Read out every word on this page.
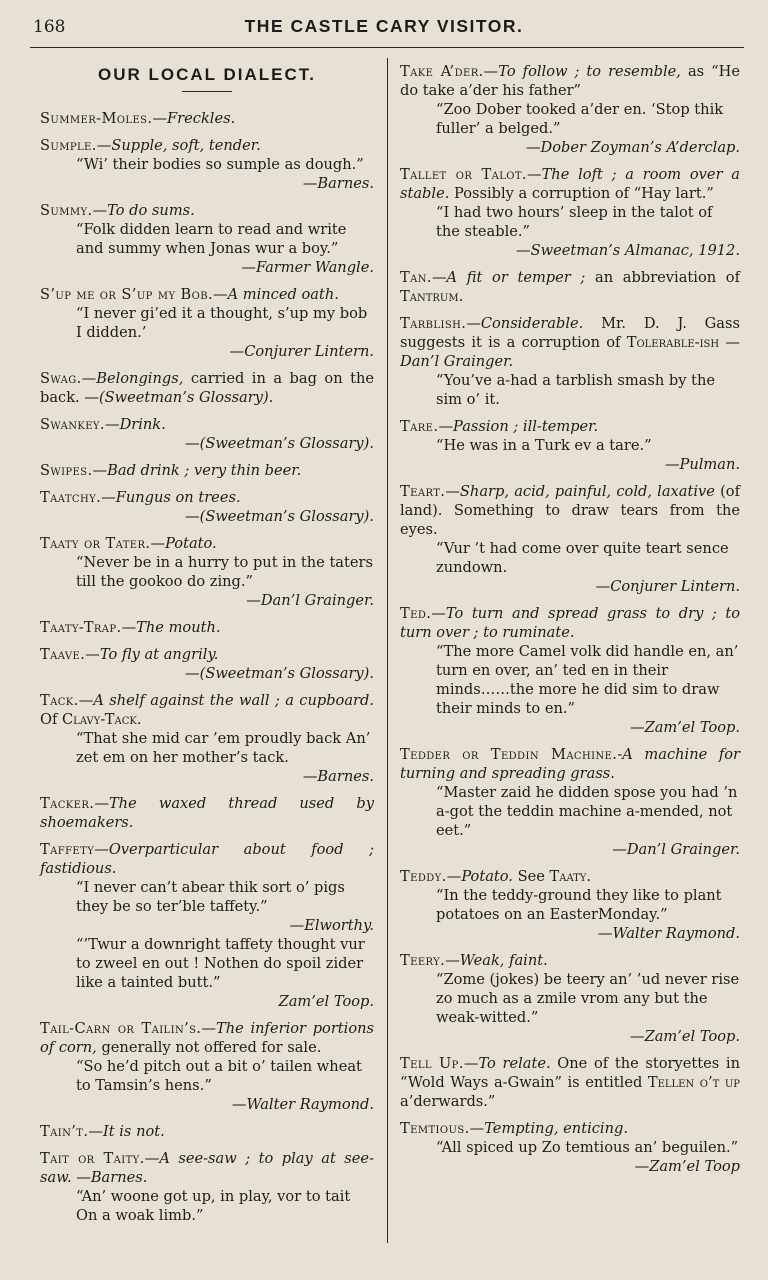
168	THE CASTLE CARY VISITOR.
OUR LOCAL DIALECT.
Summer-Moles.—Freckles.
Sumple.—Supple, soft, tender.
“Wi’ their bodies so sumple as dough.”
—Barnes.
Summy.—To do sums.
“Folk didden learn to read and write and summy when Jonas wur a boy.”
—Farmer Wangle.
S’up me or S’up my Bob.—A minced oath.
“I never gi’ed it a thought, s’up my bob I didden.’
—Conjurer Lintern.
Swag.—Belongings, carried in a bag on the back. —(Sweetman’s Glossary).
Swankey.—Drink.
—(Sweetman’s Glossary).
Swipes.—Bad drink ; very thin beer.
Taatchy.—Fungus on trees.
—(Sweetman’s Glossary).
Taaty or Tater.—Potato.
“Never be in a hurry to put in the taters till the gookoo do zing.”
—Dan’l Grainger.
Taaty-Trap.—The mouth.
Taave.—To fly at angrily.
—(Sweetman’s Glossary).
Tack.—A shelf against the wall ; a cupboard. Of Clavy-Tack.
“That she mid car ’em proudly back An’ zet em on her mother’s tack.
—Barnes.
Tacker.—The waxed thread used by shoemakers.
Taffety—Overparticular about food ; fastidious.
“I never can’t abear thik sort o’ pigs they be so ter’ble taffety.”
—Elworthy.
“’Twur a downright taffety thought vur to zweel en out ! Nothen do spoil zider like a tainted butt.”
Zam’el Toop.
Tail-Carn or Tailin’s.—The inferior portions of corn, generally not offered for sale.
“So he’d pitch out a bit o’ tailen wheat to Tamsin’s hens.”
—Walter Raymond.
Tain’t.—It is not.
Tait or Taity.—A see-saw ; to play at see-saw. —Barnes.
“An’ woone got up, in play, vor to tait On a woak limb.”
Take A’der.—To follow ; to resemble, as “He do take a’der his father”
“Zoo Dober tooked a’der en. ‘Stop thik fuller’ a belged.”
—Dober Zoyman’s A’derclap.
Tallet or Talot.—The loft ; a room over a stable. Possibly a corruption of “Hay lart.”
“I had two hours’ sleep in the talot of the steable.”
—Sweetman’s Almanac, 1912.
Tan.—A fit or temper ; an abbreviation of Tantrum.
Tarblish.—Considerable. Mr. D. J. Gass suggests it is a corruption of Tolerable-ish —Dan’l Grainger.
“You’ve a-had a tarblish smash by the sim o’ it.
Tare.—Passion ; ill-temper.
“He was in a Turk ev a tare.”
—Pulman.
Teart.—Sharp, acid, painful, cold, laxative (of land). Something to draw tears from the eyes.
“Vur ’t had come over quite teart sence zundown.
—Conjurer Lintern.
Ted.—To turn and spread grass to dry ; to turn over ; to ruminate.
“The more Camel volk did handle en, an’ turn en over, an’ ted en in their minds……the more he did sim to draw their minds to en.”
—Zam’el Toop.
Tedder or Teddin Machine.-A machine for turning and spreading grass.
“Master zaid he didden spose you had ’n a-got the teddin machine a-mended, not eet.”
—Dan’l Grainger.
Teddy.—Potato. See Taaty.
“In the teddy-ground they like to plant potatoes on an EasterMonday.”
—Walter Raymond.
Teery.—Weak, faint.
“Zome (jokes) be teery an’ ’ud never rise zo much as a zmile vrom any but the weak-witted.”
—Zam’el Toop.
Tell Up.—To relate. One of the storyettes in “Wold Ways a-Gwain” is entitled Tellen o’t up a’derwards.”
Temtious.—Tempting, enticing.
“All spiced up Zo temtious an’ beguilen.”
—Zam’el Toop
